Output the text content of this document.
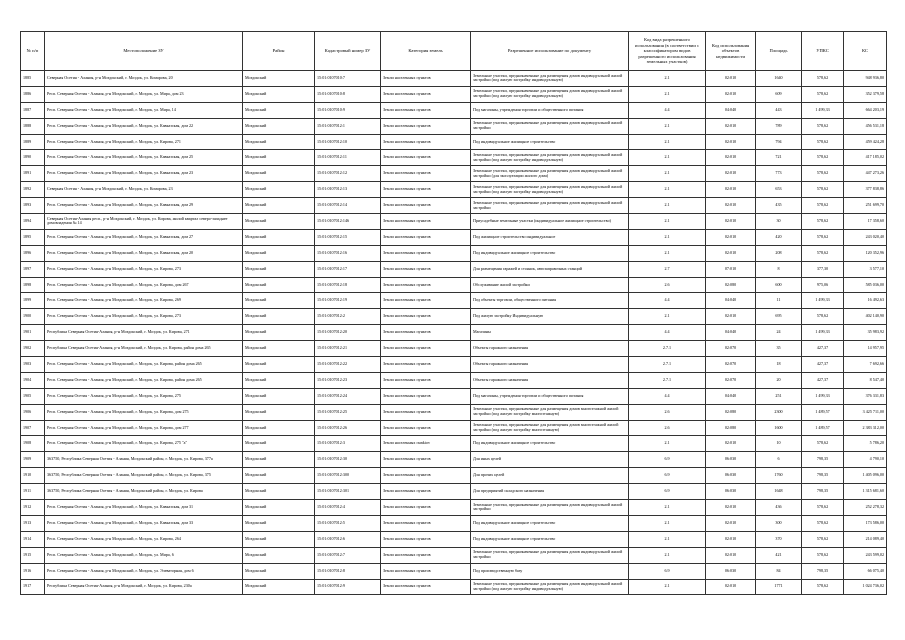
№ п/п	Местоположение ЗУ	Район	Кадастровый номер ЗУ	Категория земель	Разрешенное использование по документу	Код вида разрешенного использования (в соответствии с классификатором видов разрешенного использования земельных участков)	Код использования объектов недвижимости	Площадь	УПКС	КС
1885	Северная Осетия - Алания, р-н Моздокский, г. Моздок, ул. Комарова, 20	Моздокский	15:01:0107010:7	Земли населенных пунктов	Земельные участки, предназначенные для размещения домов индивидуальной жилой застройки (под жилую застройку индивидуальную)	2.1	02:010	1640	578,62	948 936,80
1886	Респ. Северная Осетия - Алания, р-н Моздокский, г. Моздок, ул. Мира, дом 23	Моздокский	15:01:0107010:8	Земли населенных пунктов	Земельные участки, предназначенные для размещения домов индивидуальной жилой застройки (под жилую застройку индивидуальную)	2.1	02:010	609	578,62	352 379,58
1887	Респ. Северная Осетия - Алания, р-н Моздокский, г. Моздок, ул. Мира, 14	Моздокский	15:01:0107010:9	Земли населенных пунктов	Под магазины, учреждения торговли и общественного питания	4.4	04:040	443	1 499,33	664 203,19
1888	Респ. Северная Осетия - Алания, р-н Моздокский, г. Моздок, ул. Кавказская, дом 22	Моздокский	15:01:0107012:1	Земли населенных пунктов	Земельные участки, предназначенные для размещения домов индивидуальной жилой застройки	2.1	02:010	789	578,62	456 531,18
1889	Респ. Северная Осетия - Алания, р-н Моздокский, г. Моздок, ул. Кирова, 271	Моздокский	15:01:0107012:10	Земли населенных пунктов	Под индивидуальное жилищное строительство	2.1	02:010	794	578,62	459 424,28
1890	Респ. Северная Осетия - Алания, р-н Моздокский, г. Моздок, ул. Кавказская, дом 25	Моздокский	15:01:0107012:11	Земли населенных пунктов	Земельные участки, предназначенные для размещения домов индивидуальной жилой застройки (под жилую застройку индивидуальную)	2.1	02:010	721	578,62	417 185,02
1891	Респ. Северная Осетия - Алания, р-н Моздокский, г. Моздок, ул. Кавказская, дом 23	Моздокский	15:01:0107012:12	Земли населенных пунктов	Земельные участки, предназначенные для размещения домов индивидуальной жилой застройки (для эксплуатации жилого дома)	2.1	02:010	773	578,62	447 273,26
1892	Северная Осетия - Алания, р-н Моздокский, г. Моздок, ул. Комарова, 23	Моздокский	15:01:0107012:13	Земли населенных пунктов	Земельные участки, предназначенные для размещения домов индивидуальной жилой застройки (под жилую застройку индивидуальную)	2.1	02:010	653	578,62	377 838,86
1893	Респ. Северная Осетия - Алания, р-н Моздокский, г. Моздок, ул. Кавказская, дом 29	Моздокский	15:01:0107012:14	Земли населенных пунктов	Земельные участки, предназначенные для размещения домов индивидуальной жилой застройки	2.1	02:010	435	578,62	251 699,70
1894	Северная Осетия-Алания респ., р-н Моздокский, г. Моздок, ул. Кирова, жилой квартал северо-западнее домовладения № 14	Моздокский	15:01:0107012:146	Земли населенных пунктов	Приусадебные земельные участки (индивидуальное жилищное строительство)	2.1	02:010	30	578,62	17 358,60
1895	Респ. Северная Осетия - Алания, р-н Моздокский, г. Моздок, ул. Кавказская, дом 27	Моздокский	15:01:0107012:15	Земли населенных пунктов	Под жилищное строительство индивидуальное	2.1	02:010	420	578,62	243 020,40
1896	Респ. Северная Осетия - Алания, р-н Моздокский, г. Моздок, ул. Кавказская, дом 20	Моздокский	15:01:0107012:16	Земли населенных пунктов	Под индивидуальное жилищное строительство	2.1	02:010	208	578,62	120 352,96
1897	Респ. Северная Осетия - Алания, р-н Моздокский, г. Моздок, ул. Кирова, 273	Моздокский	15:01:0107012:17	Земли населенных пунктов	Для размещения гаражей и стоянок, автозаправочных станций	2.7	07:010	8	377,30	3 577,10
1898	Респ. Северная Осетия - Алания, р-н Моздокский, г. Моздок, ул. Кирова, дом 267	Моздокский	15:01:0107012:18	Земли населенных пунктов	Обслуживание жилой застройки	2.6	02:080	600	975,06	585 036,00
1899	Респ. Северная Осетия - Алания, р-н Моздокский, г. Моздок, ул. Кирова, 269	Моздокский	15:01:0107012:19	Земли населенных пунктов	Под объекты торговли, общественного питания	4.4	04:040	11	1 499,33	16 492,63
1900	Респ. Северная Осетия - Алания, р-н Моздокский, г. Моздок, ул. Кирова, 273	Моздокский	15:01:0107012:2	Земли населенных пунктов	Под жилую застройку Индивидуальную	2.1	02:010	695	578,62	402 140,90
1901	Республика Северная Осетия-Алания, р-н Моздокский, г. Моздок, ул. Кирова, 271	Моздокский	15:01:0107012:20	Земли населенных пунктов	Магазины	4.4	04:040	24	1 499,33	35 983,92
1902	Республика Северная Осетия-Алания, р-н Моздокский, г. Моздок, ул. Кирова, район дома 265	Моздокский	15:01:0107012:21	Земли населенных пунктов	Объекты гаражного назначения	2.7.1	02:070	35	427,37	14 957,95
1903	Респ. Северная Осетия - Алания, р-н Моздокский, г. Моздок, ул. Кирова, район дома 265	Моздокский	15:01:0107012:22	Земли населенных пунктов	Объекты гаражного назначения	2.7.1	02:070	18	427,37	7 692,66
1904	Респ. Северная Осетия - Алания, р-н Моздокский, г. Моздок, ул. Кирова, район дома 265	Моздокский	15:01:0107012:23	Земли населенных пунктов	Объекты гаражного назначения	2.7.1	02:070	20	427,37	8 547,40
1905	Респ. Северная Осетия - Алания, р-н Моздокский, г. Моздок, ул. Кирова, 275	Моздокский	15:01:0107012:24	Земли населенных пунктов	Под магазины, учреждения торговли и общественного питания	4.4	04:040	251	1 499,33	376 331,83
1906	Респ. Северная Осетия - Алания, р-н Моздокский, г. Моздок, ул. Кирова, дом 275	Моздокский	15:01:0107012:25	Земли населенных пунктов	Земельные участки, предназначенные для размещения домов многоэтажной жилой застройки (под жилую застройку многоэтажную)	2.6	02:080	2300	1 489,57	3 425 711,00
1907	Респ. Северная Осетия - Алания, р-н Моздокский, г. Моздок, ул. Кирова, дом 277	Моздокский	15:01:0107012:26	Земли населенных пунктов	Земельные участки, предназначенные для размещения домов многоэтажной жилой застройки (под жилую застройку многоэтажную)	2.6	02:080	1600	1 489,57	2 383 312,00
1908	Респ. Северная Осетия - Алания, р-н Моздокский, г. Моздок, ул. Кирова, 275 "а"	Моздокский	15:01:0107012:3	Земли населенных пunktov	Под индивидуальное жилищное строительство	2.1	02:010	10	578,62	5 786,20
1909	363750, Республика Северная Осетия - Алания, Моздокский район, г. Моздок, ул. Кирова, 377а	Моздокский	15:01:0107012:30	Земли населенных пунктов	Для иных целей	6.9	06:030	6	798,35	4 790,10
1910	363750, Республика Северная Осетия - Алания, Моздокский район, г. Моздок, ул. Кирова, 375	Моздокский	15:01:0107012:300	Земли населенных пунктов	Для прочих целей	6.9	06:030	1760	798,35	1 405 096,00
1911	363750, Республика Северная Осетия - Алания, Моздокский район, г. Моздок, ул. Кирова	Моздокский	15:01:0107012:301	Земли населенных пунктов	Для предприятий складского назначения	6.9	06:030	1648	798,35	1 315 681,60
1912	Респ. Северная Осетия - Алания, р-н Моздокский, г. Моздок, ул. Кавказская, дом 31	Моздокский	15:01:0107012:4	Земли населенных пунктов	Земельные участки, предназначенные для размещения домов индивидуальной жилой застройки	2.1	02:010	436	578,62	252 278,32
1913	Респ. Северная Осетия - Алания, р-н Моздокский, г. Моздок, ул. Кавказская, дом 33	Моздокский	15:01:0107012:5	Земли населенных пунктов	Под индивидуальное жилищное строительство	2.1	02:010	300	578,62	173 586,00
1914	Респ. Северная Осетия - Алания, р-н Моздокский, г. Моздок, ул. Кирова, 264	Моздокский	15:01:0107012:6	Земли населенных пунктов	Под индивидуальное жилищное строительство	2.1	02:010	370	578,62	214 089,40
1915	Респ. Северная Осетия - Алания, р-н Моздокский, г. Моздок, ул. Мира, 6	Моздокский	15:01:0107012:7	Земли населенных пунктов	Земельные участки, предназначенные для размещения домов индивидуальной жилой застройки	2.1	02:010	421	578,62	243 599,02
1916	Респ. Северная Осетия - Алания, р-н Моздокский, г. Моздок, ул. Элеваторная, дом 6	Моздокский	15:01:0107012:8	Земли населенных пунктов	Под производственную базу	6.9	06:030	84	798,35	66 075,40
1917	Республика Северная Осетия-Алания, р-н Моздокский, г. Моздок, ул. Кирова, 230а	Моздокский	15:01:0107012:9	Земли населенных пунктов	Земельные участки, предназначенные для размещения домов индивидуальной жилой застройки (под жилую застройку индивидуальную)	2.1	02:010	1771	578,62	1 024 736,02
